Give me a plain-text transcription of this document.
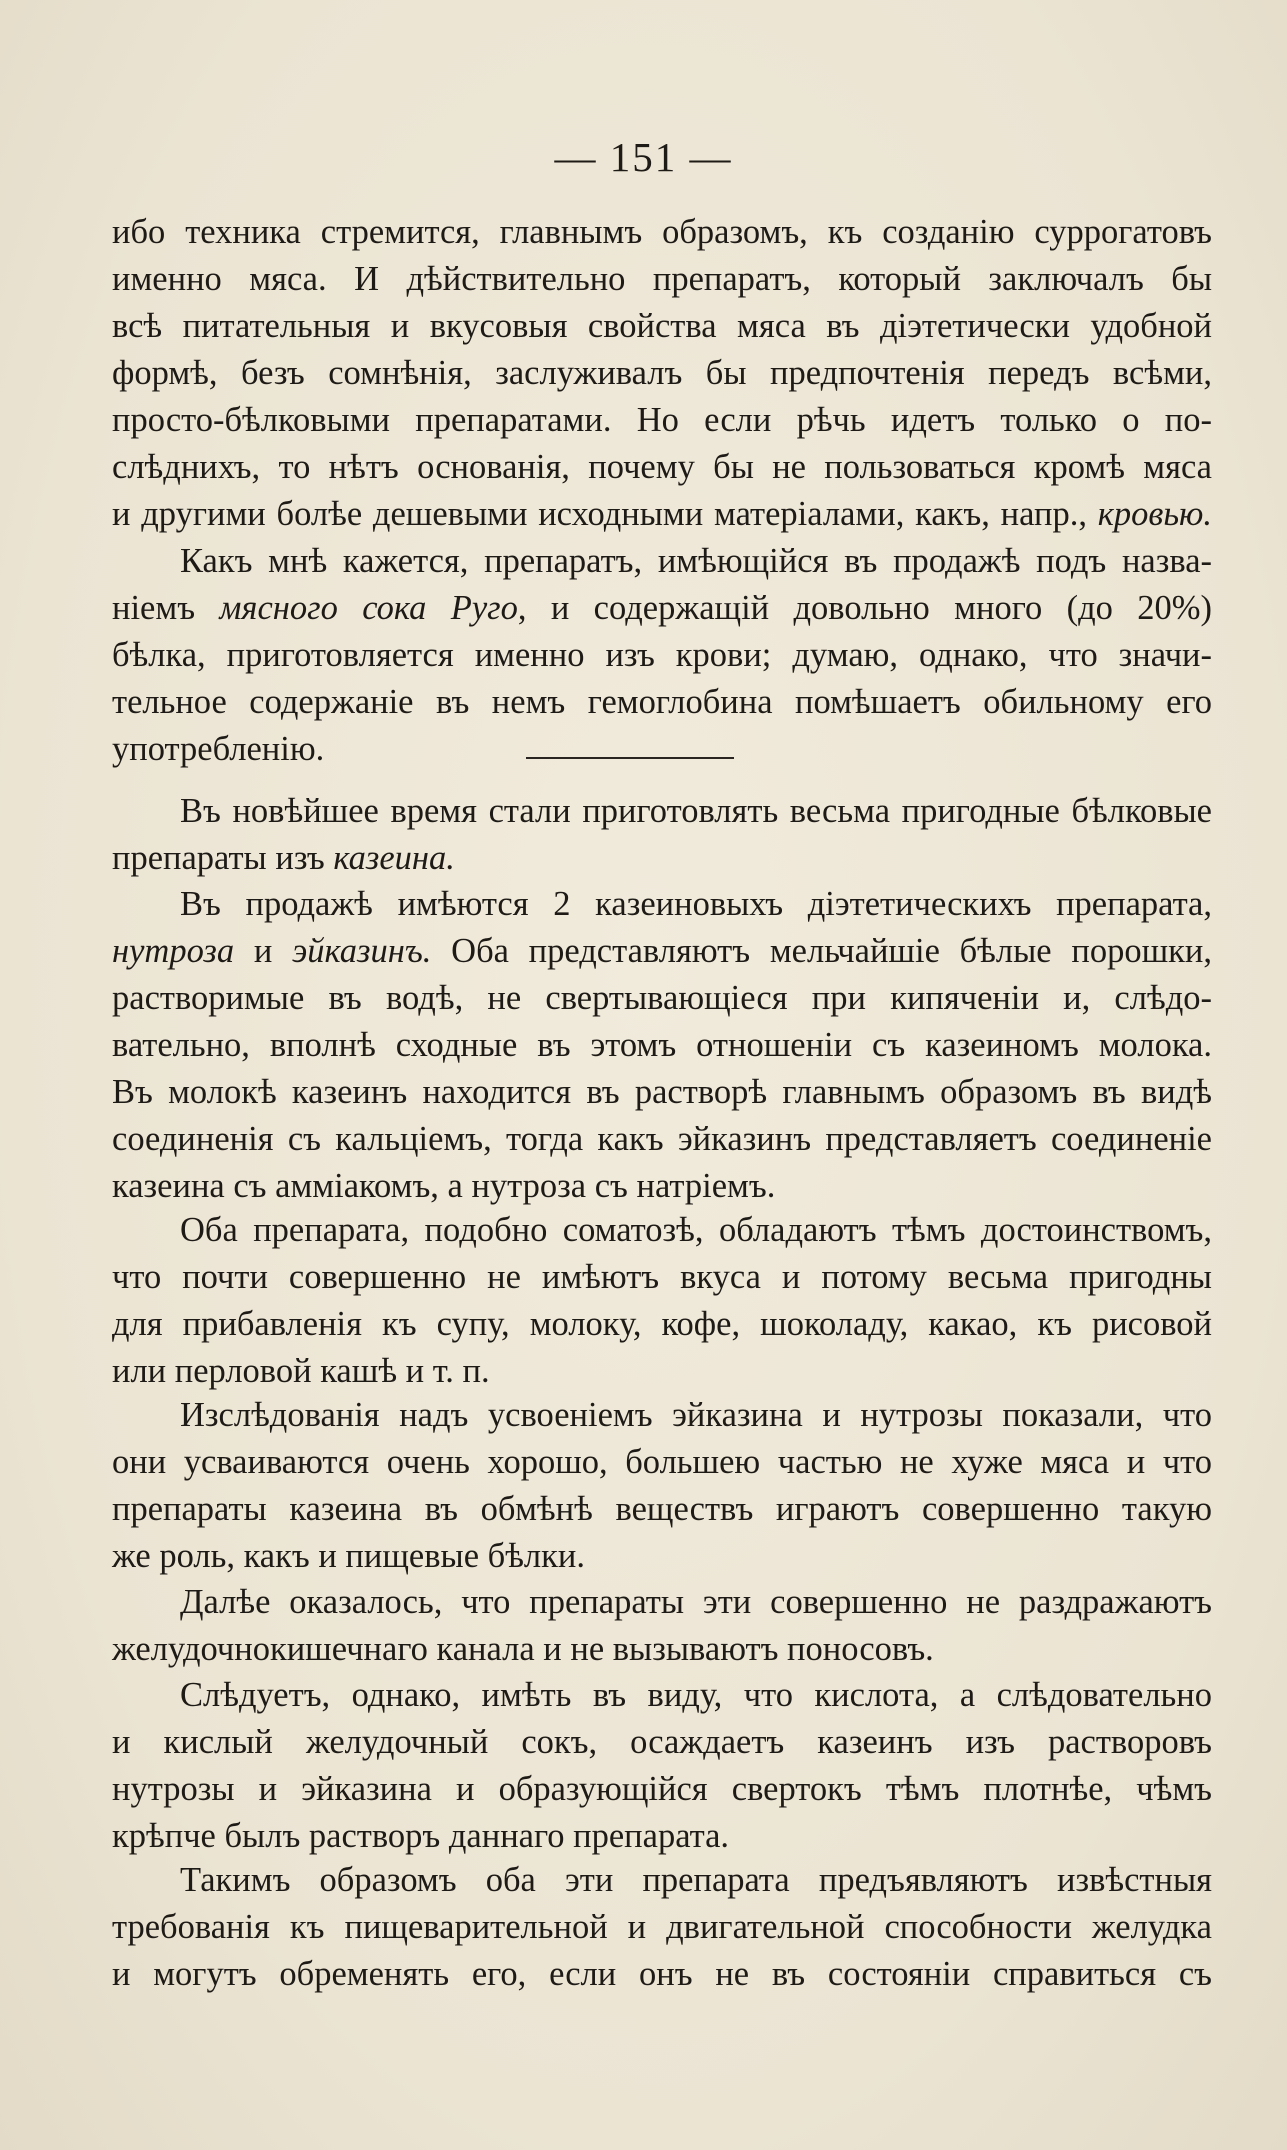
— 151 —
ибо техника стремится, главнымъ образомъ, къ созданію суррогатовъ
именно мяса. И дѣйствительно препаратъ, который заключалъ бы
всѣ питательныя и вкусовыя свойства мяса въ діэтетически удобной
формѣ, безъ сомнѣнія, заслуживалъ бы предпочтенія передъ всѣми,
просто-бѣлковыми препаратами. Но если рѣчь идетъ только о по-
слѣднихъ, то нѣтъ основанія, почему бы не пользоваться кромѣ мяса
и другими болѣе дешевыми исходными матеріалами, какъ, напр., кровью.
Какъ мнѣ кажется, препаратъ, имѣющійся въ продажѣ подъ назва-
ніемъ мясного сока Руго, и содержащій довольно много (до 20%)
бѣлка, приготовляется именно изъ крови; думаю, однако, что значи-
тельное содержаніе въ немъ гемоглобина помѣшаетъ обильному его
употребленію.
Въ новѣйшее время стали приготовлять весьма пригодные бѣлковые
препараты изъ казеина.
Въ продажѣ имѣются 2 казеиновыхъ діэтетическихъ препарата,
нутроза и эйказинъ. Оба представляютъ мельчайшіе бѣлые порошки,
растворимые въ водѣ, не свертывающіеся при кипяченіи и, слѣдо-
вательно, вполнѣ сходные въ этомъ отношеніи съ казеиномъ молока.
Въ молокѣ казеинъ находится въ растворѣ главнымъ образомъ въ видѣ
соединенія съ кальціемъ, тогда какъ эйказинъ представляетъ соединеніе
казеина съ аммiакомъ, а нутроза съ натріемъ.
Оба препарата, подобно соматозѣ, обладаютъ тѣмъ достоинствомъ,
что почти совершенно не имѣютъ вкуса и потому весьма пригодны
для прибавленія къ супу, молоку, кофе, шоколаду, какао, къ рисовой
или перловой кашѣ и т. п.
Изслѣдованія надъ усвоеніемъ эйказина и нутрозы показали, что
они усваиваются очень хорошо, большею частью не хуже мяса и что
препараты казеина въ обмѣнѣ веществъ играютъ совершенно такую
же роль, какъ и пищевые бѣлки.
Далѣе оказалось, что препараты эти совершенно не раздражаютъ
желудочнокишечнаго канала и не вызываютъ поносовъ.
Слѣдуетъ, однако, имѣть въ виду, что кислота, а слѣдовательно
и кислый желудочный сокъ, осаждаетъ казеинъ изъ растворовъ
нутрозы и эйказина и образующійся свертокъ тѣмъ плотнѣе, чѣмъ
крѣпче былъ растворъ даннаго препарата.
Такимъ образомъ оба эти препарата предъявляютъ извѣстныя
требованія къ пищеварительной и двигательной способности желудка
и могутъ обременять его, если онъ не въ состояніи справиться съ
